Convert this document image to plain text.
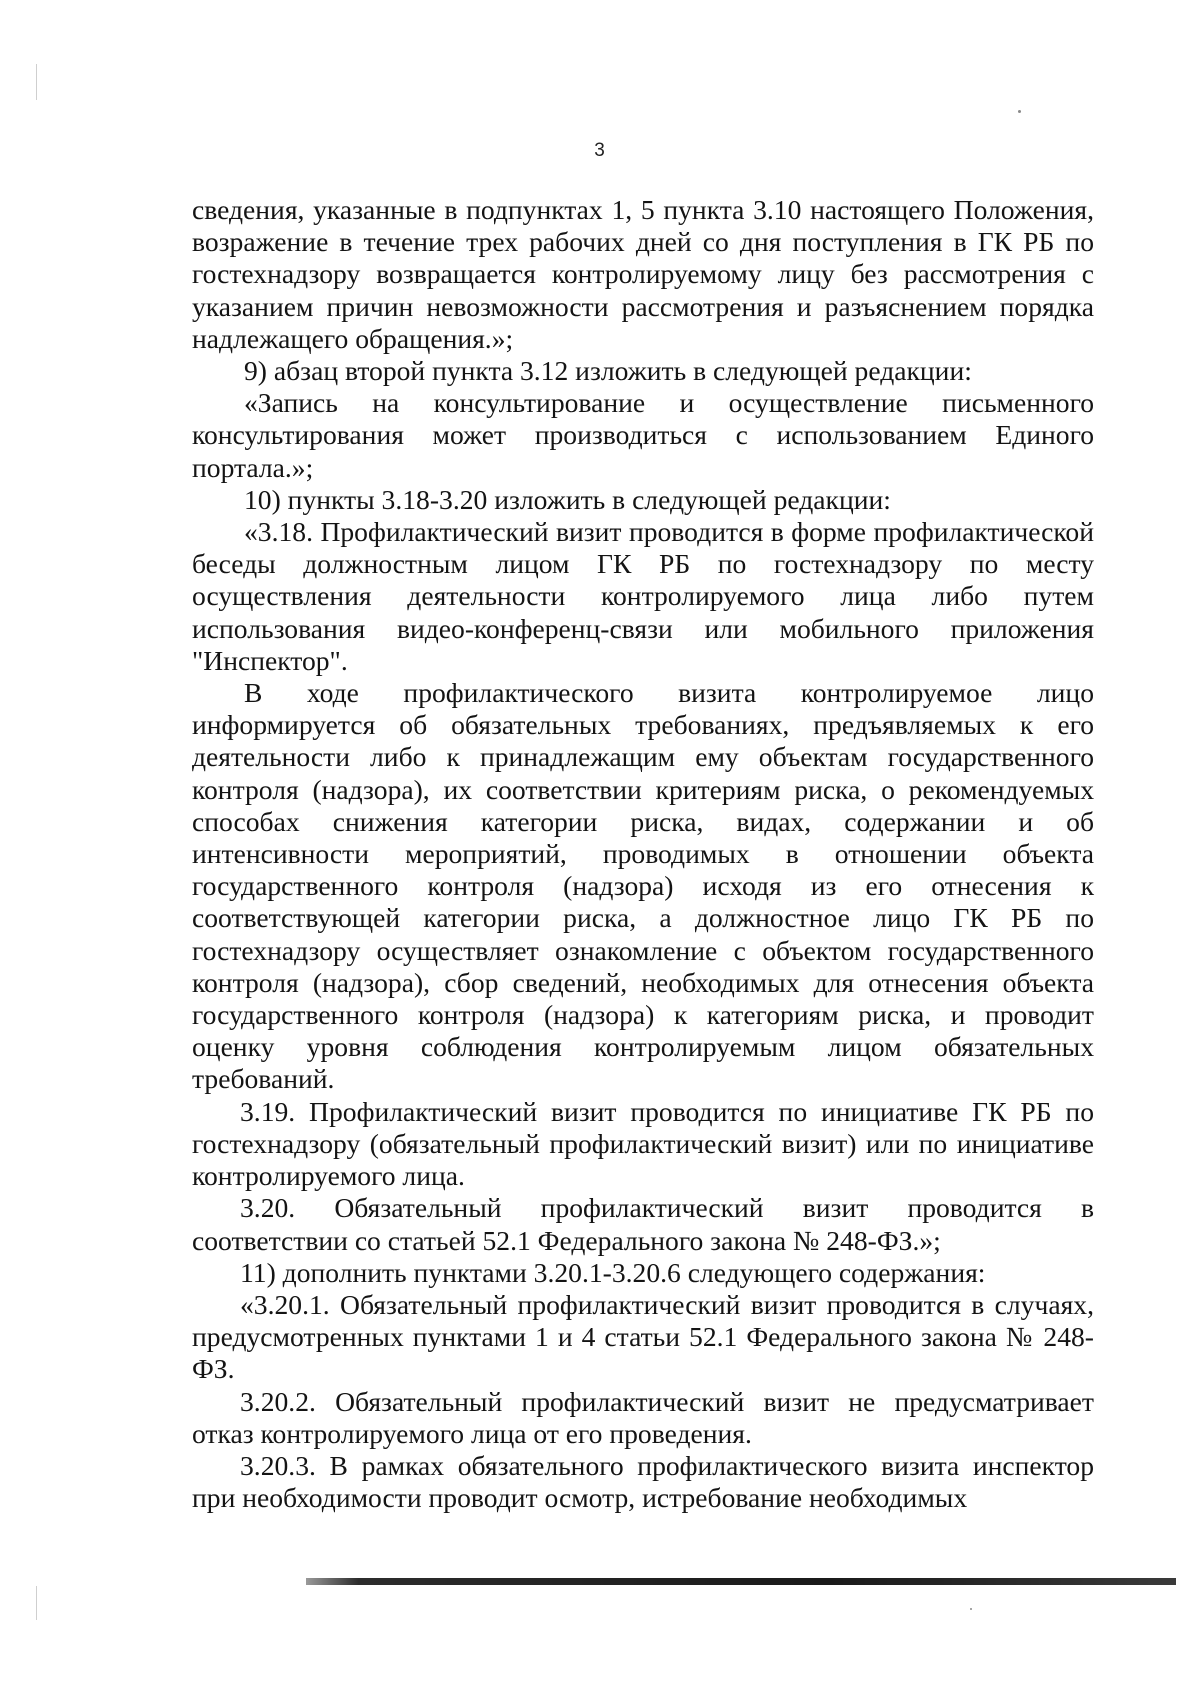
3

сведения, указанные в подпунктах 1, 5 пункта 3.10 настоящего Положения, возражение в течение трех рабочих дней со дня поступления в ГК РБ по гостехнадзору возвращается контролируемому лицу без рассмотрения с указанием причин невозможности рассмотрения и разъяснением порядка надлежащего обращения.»;

9) абзац второй пункта 3.12 изложить в следующей редакции:

«Запись на консультирование и осуществление письменного консультирования может производиться с использованием Единого портала.»;

10) пункты 3.18-3.20 изложить в следующей редакции:

«3.18. Профилактический визит проводится в форме профилактической беседы должностным лицом ГК РБ по гостехнадзору по месту осуществления деятельности контролируемого лица либо путем использования видео-конференц-связи или мобильного приложения "Инспектор".

В ходе профилактического визита контролируемое лицо информируется об обязательных требованиях, предъявляемых к его деятельности либо к принадлежащим ему объектам государственного контроля (надзора), их соответствии критериям риска, о рекомендуемых способах снижения категории риска, видах, содержании и об интенсивности мероприятий, проводимых в отношении объекта государственного контроля (надзора) исходя из его отнесения к соответствующей категории риска, а должностное лицо ГК РБ по гостехнадзору осуществляет ознакомление с объектом государственного контроля (надзора), сбор сведений, необходимых для отнесения объекта государственного контроля (надзора) к категориям риска, и проводит оценку уровня соблюдения контролируемым лицом обязательных требований.

3.19. Профилактический визит проводится по инициативе ГК РБ по гостехнадзору (обязательный профилактический визит) или по инициативе контролируемого лица.

3.20. Обязательный профилактический визит проводится в соответствии со статьей 52.1 Федерального закона № 248-ФЗ.»;

11) дополнить пунктами 3.20.1-3.20.6 следующего содержания:

«3.20.1. Обязательный профилактический визит проводится в случаях, предусмотренных пунктами 1 и 4 статьи 52.1 Федерального закона № 248-ФЗ.

3.20.2. Обязательный профилактический визит не предусматривает отказ контролируемого лица от его проведения.

3.20.3. В рамках обязательного профилактического визита инспектор при необходимости проводит осмотр, истребование необходимых
